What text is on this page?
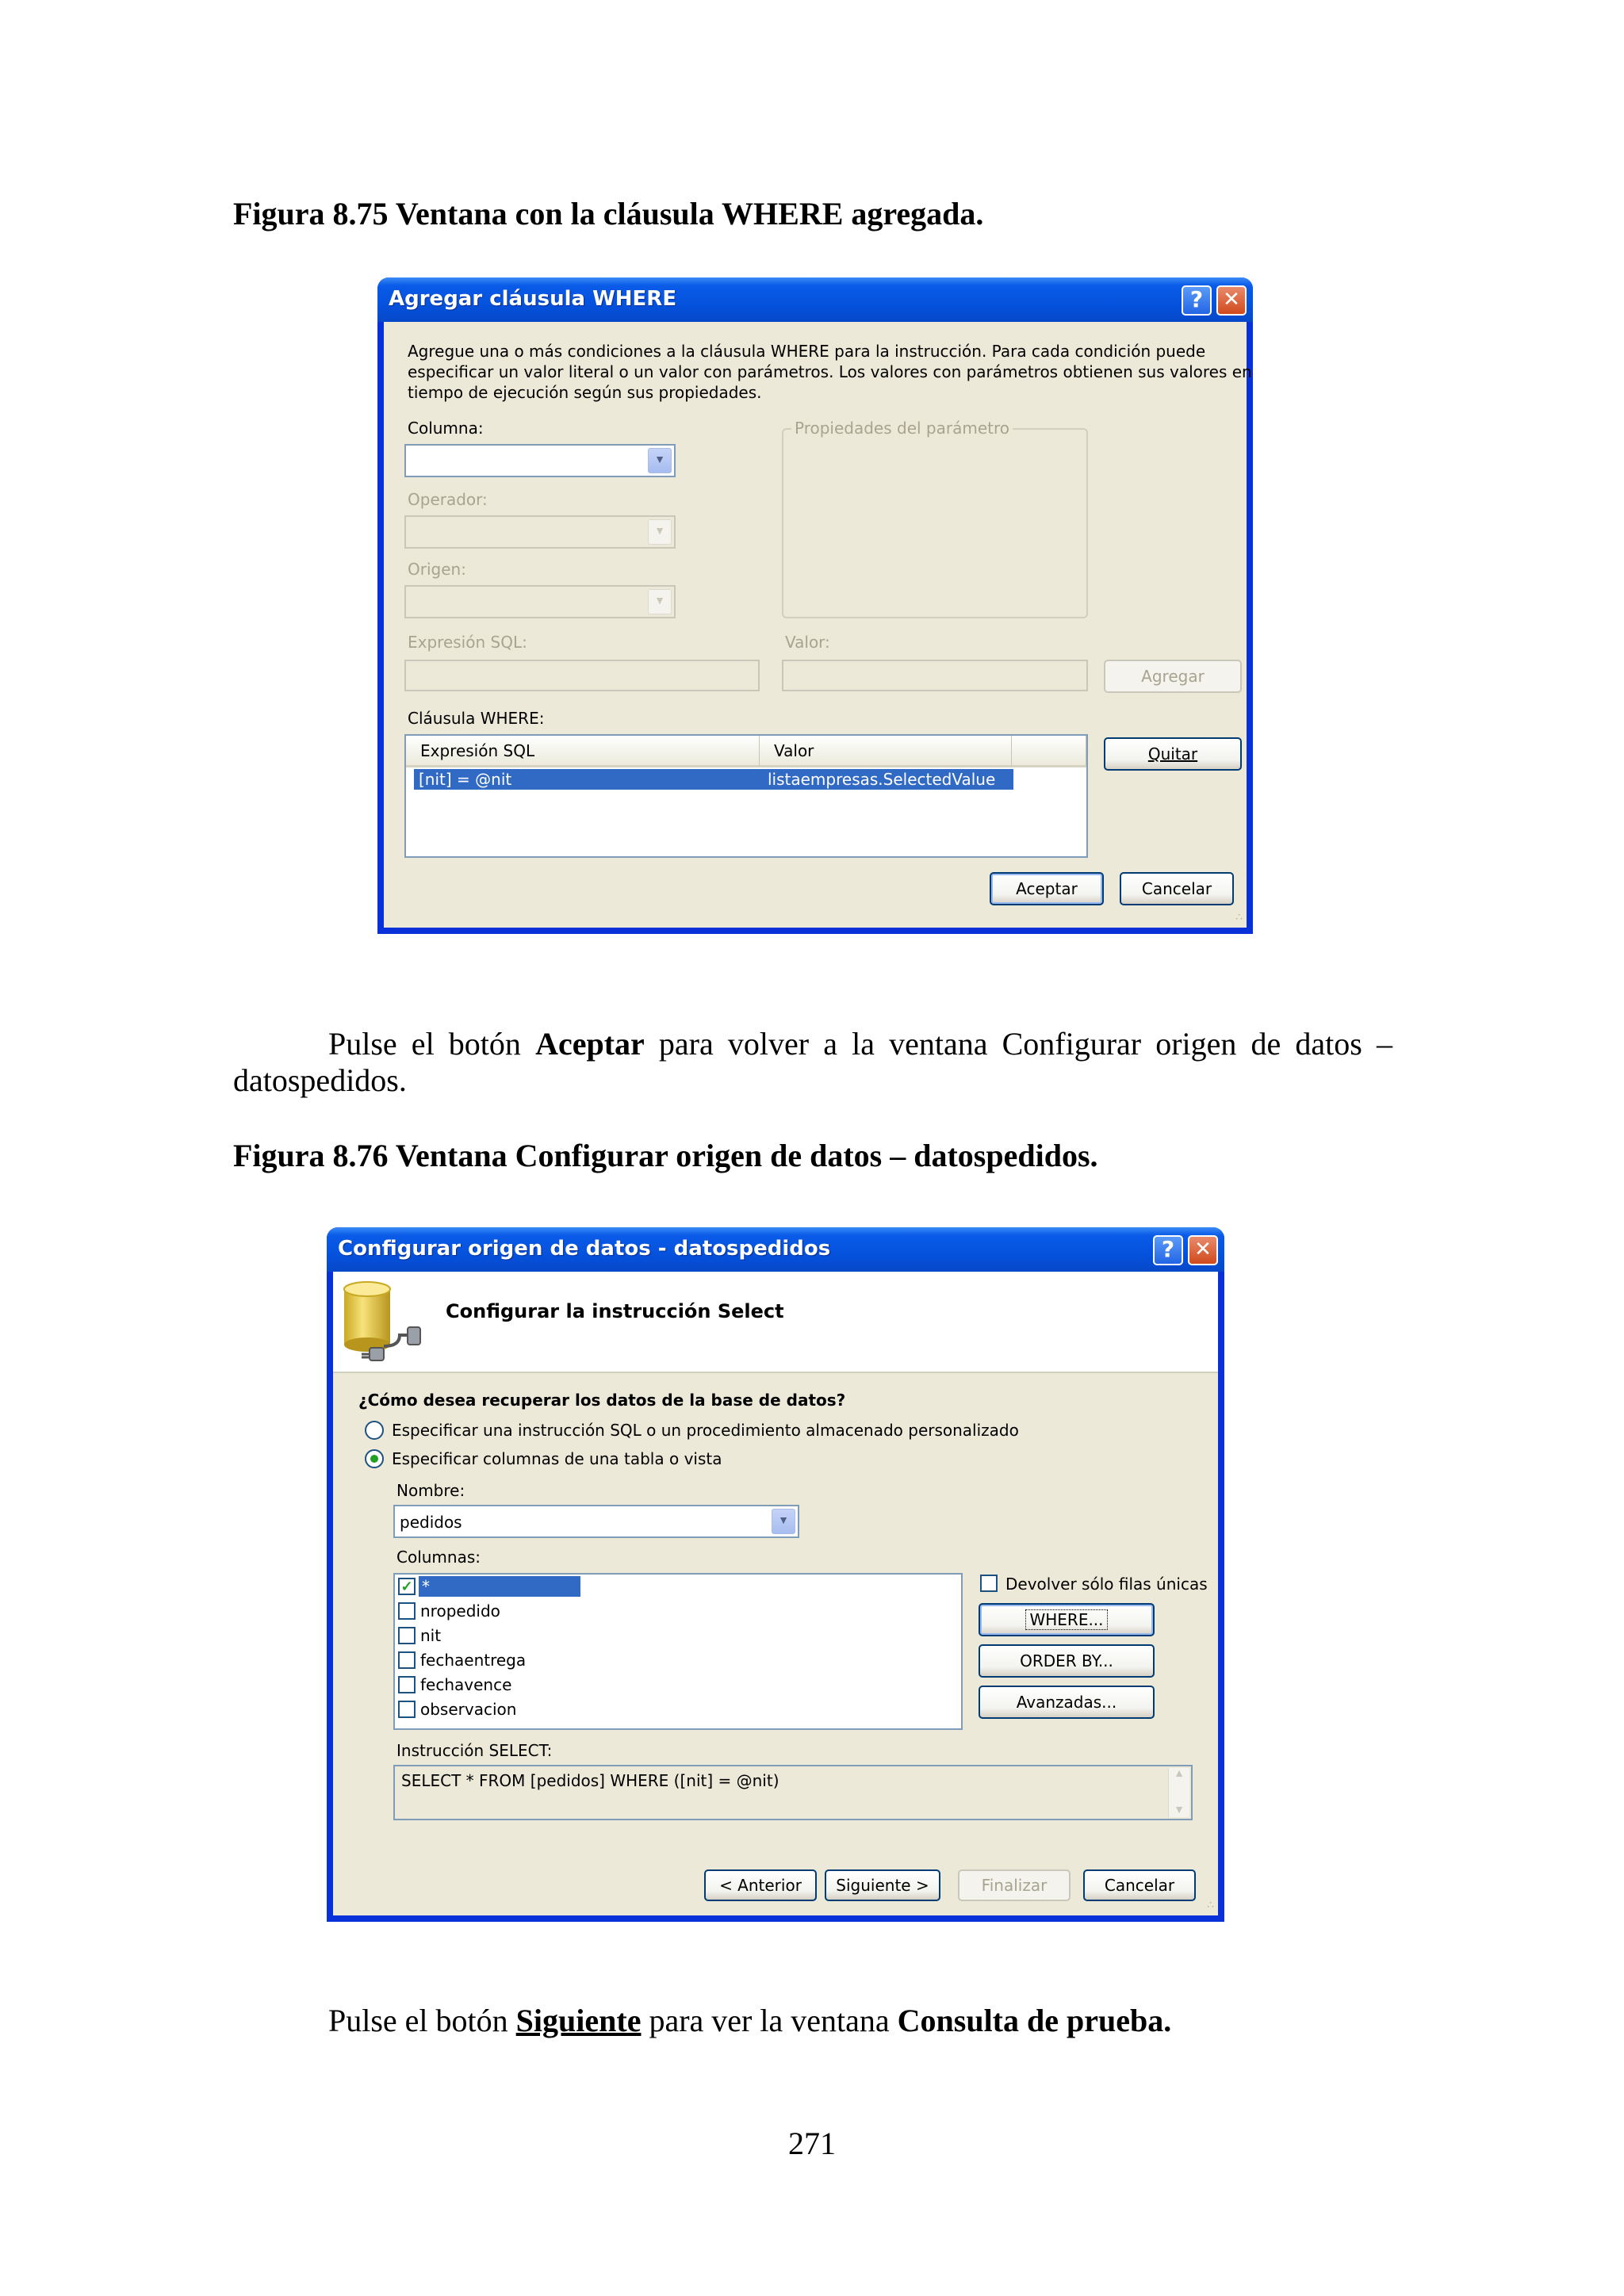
Figura 8.75 Ventana con la cláusula WHERE agregada.
Agregar cláusula WHERE	? ✕
Agregue una o más condiciones a la cláusula WHERE para la instrucción. Para cada condición puede
especificar un valor literal o un valor con parámetros. Los valores con parámetros obtienen sus valores en
tiempo de ejecución según sus propiedades.
Columna:
▼
Operador:
▼
Origen:
▼
Propiedades del parámetro
Expresión SQL:	Valor:
Agregar
Cláusula WHERE:
Expresión SQL	Valor
[nit] = @nit	listaempresas.SelectedValue
Quitar
Aceptar	Cancelar
∴
Pulse el botón Aceptar para volver a la ventana Configurar origen de datos –
datospedidos.
Figura 8.76 Ventana Configurar origen de datos – datospedidos.
Configurar origen de datos - datospedidos	? ✕
Configurar la instrucción Select
¿Cómo desea recuperar los datos de la base de datos?
Especificar una instrucción SQL o un procedimiento almacenado personalizado
Especificar columnas de una tabla o vista
Nombre:
pedidos	▼
Columnas:
✓ *
nropedido
nit
fechaentrega
fechavence
observacion
Devolver sólo filas únicas
WHERE...
ORDER BY...
Avanzadas...
Instrucción SELECT:
SELECT * FROM [pedidos] WHERE ([nit] = @nit)	▲
▼
< Anterior	Siguiente >	Finalizar	Cancelar
∴
Pulse el botón Siguiente para ver la ventana Consulta de prueba.
271
